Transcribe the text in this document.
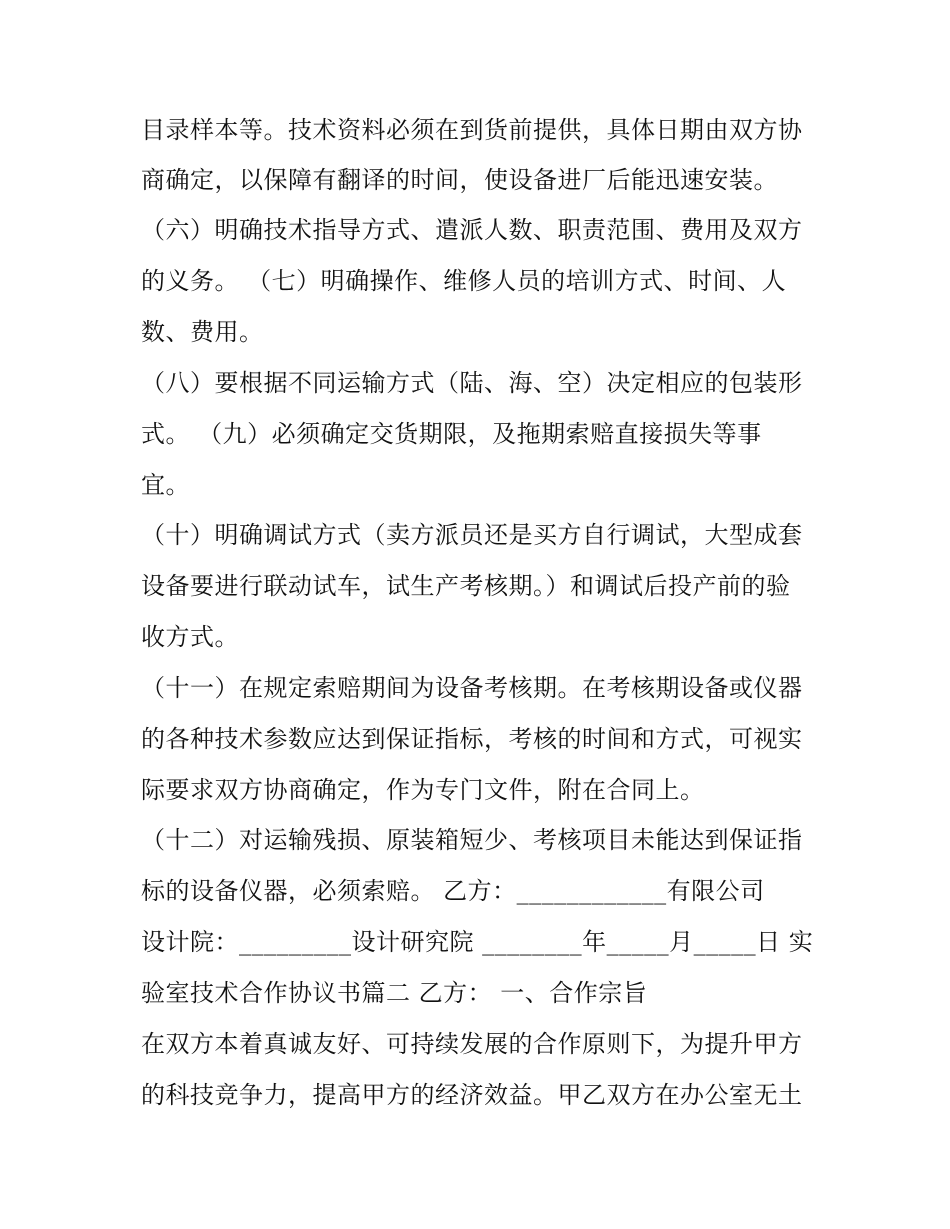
目录样本等。技术资料必须在到货前提供，具体日期由双方协
商确定，以保障有翻译的时间，使设备进厂后能迅速安装。
（六）明确技术指导方式、遣派人数、职责范围、费用及双方
的义务。 （七）明确操作、维修人员的培训方式、时间、人
数、费用。
（八）要根据不同运输方式（陆、海、空）决定相应的包装形
式。 （九）必须确定交货期限，及拖期索赔直接损失等事
宜。
（十）明确调试方式（卖方派员还是买方自行调试，大型成套
设备要进行联动试车，试生产考核期。）和调试后投产前的验
收方式。
（十一）在规定索赔期间为设备考核期。在考核期设备或仪器
的各种技术参数应达到保证指标，考核的时间和方式，可视实
际要求双方协商确定，作为专门文件，附在合同上。
（十二）对运输残损、原装箱短少、考核项目未能达到保证指
标的设备仪器，必须索赔。 乙方：____________有限公司
设计院：_________设计研究院 ________年_____月_____日 实
验室技术合作协议书篇二 乙方： 一、合作宗旨
在双方本着真诚友好、可持续发展的合作原则下，为提升甲方
的科技竞争力，提高甲方的经济效益。甲乙双方在办公室无土
